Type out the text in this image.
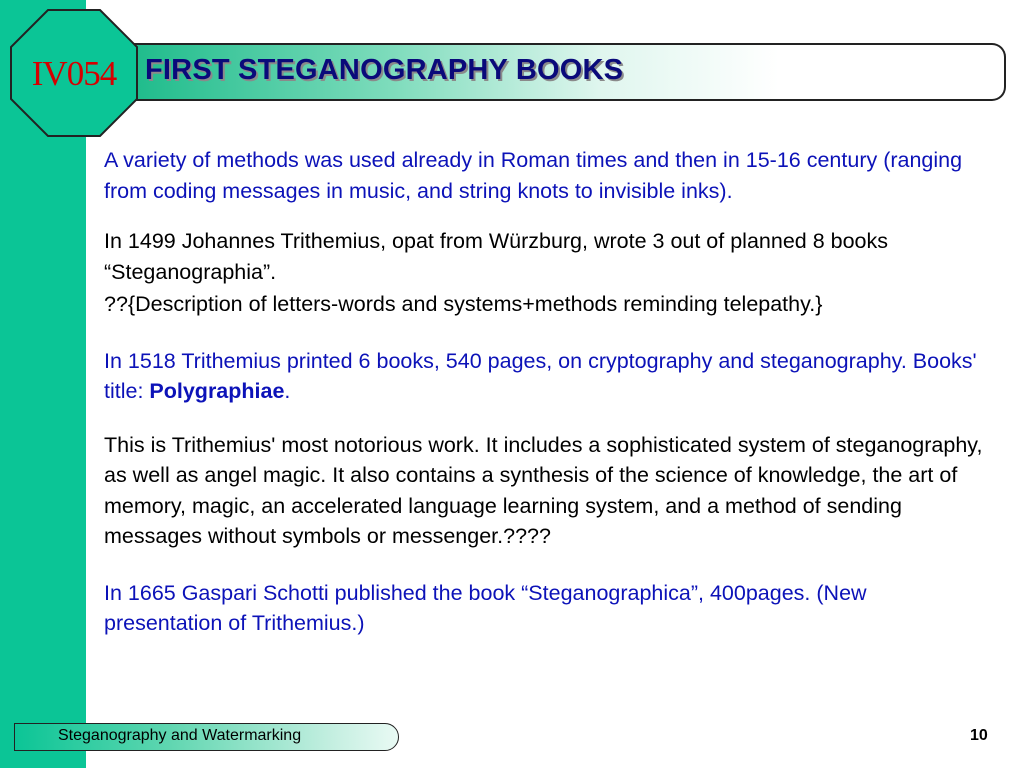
IV054 FIRST STEGANOGRAPHY BOOKS

A variety of methods was used already in Roman times and then in 15-16 century (ranging from coding messages in music, and string knots to invisible inks).

In 1499 Johannes Trithemius, opat from Würzburg, wrote 3 out of planned 8 books “Steganographia”.

??{Description of letters-words and systems+methods reminding telepathy.}

In 1518 Trithemius printed 6 books, 540 pages, on cryptography and steganography. Books' title: Polygraphiae.

This is Trithemius' most notorious work. It includes a sophisticated system of steganography, as well as angel magic. It also contains a synthesis of the science of knowledge, the art of memory, magic, an accelerated language learning system, and a method of sending messages without symbols or messenger.????

In 1665 Gaspari Schotti published the book “Steganographica”, 400pages. (New presentation of Trithemius.)

Steganography and Watermarking	10
